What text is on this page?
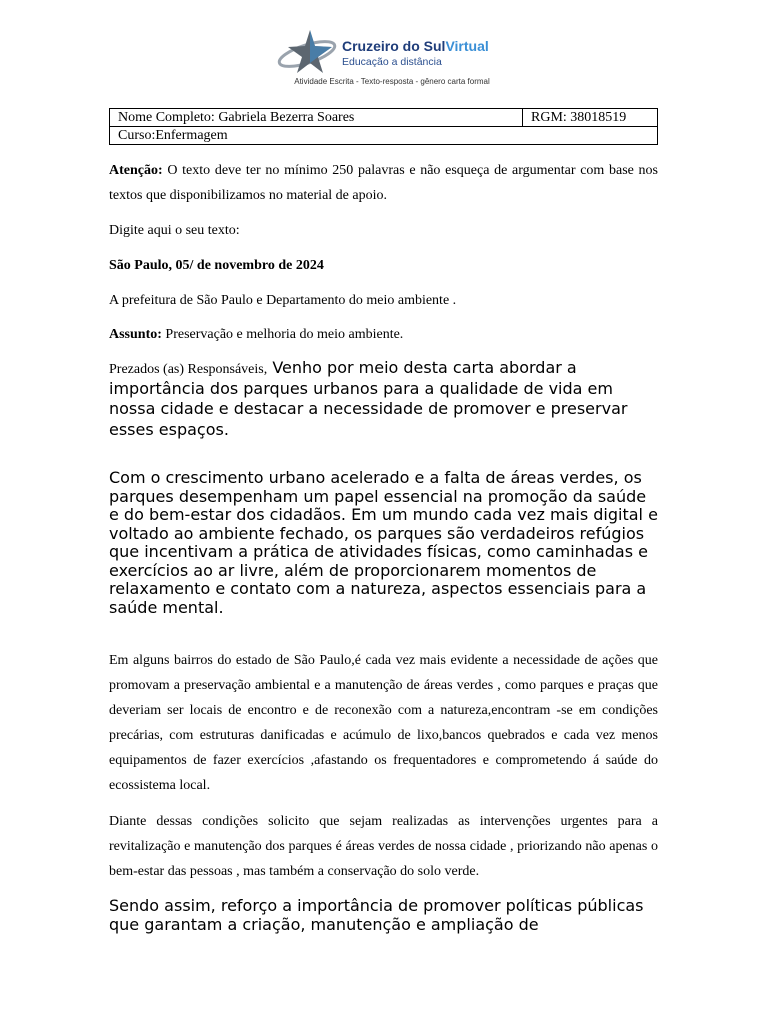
Cruzeiro do SulVirtual
Educação a distância
Atividade Escrita - Texto-resposta - gênero carta formal
Nome Completo: Gabriela Bezerra Soares	RGM: 38018519
Curso:Enfermagem
Atenção: O texto deve ter no mínimo 250 palavras e não esqueça de argumentar com base nos textos que disponibilizamos no material de apoio.
Digite aqui o seu texto:
São Paulo, 05/ de novembro de 2024
A prefeitura de São Paulo e Departamento do meio ambiente .
Assunto: Preservação e melhoria do meio ambiente.
Prezados (as) Responsáveis, Venho por meio desta carta abordar a importância dos parques urbanos para a qualidade de vida em nossa cidade e destacar a necessidade de promover e preservar esses espaços.
Com o crescimento urbano acelerado e a falta de áreas verdes, os parques desempenham um papel essencial na promoção da saúde e do bem-estar dos cidadãos. Em um mundo cada vez mais digital e voltado ao ambiente fechado, os parques são verdadeiros refúgios que incentivam a prática de atividades físicas, como caminhadas e exercícios ao ar livre, além de proporcionarem momentos de relaxamento e contato com a natureza, aspectos essenciais para a saúde mental.
Em alguns bairros do estado de São Paulo,é cada vez mais evidente a necessidade de ações que promovam a preservação ambiental e a manutenção de áreas verdes , como parques e praças que deveriam ser locais de encontro e de reconexão com a natureza,encontram -se em condições precárias, com estruturas danificadas e acúmulo de lixo,bancos quebrados e cada vez menos equipamentos de fazer exercícios ,afastando os frequentadores e comprometendo á saúde do ecossistema local.
Diante dessas condições solicito que sejam realizadas as intervenções urgentes para a revitalização e manutenção dos parques é áreas verdes de nossa cidade , priorizando não apenas o bem-estar das pessoas , mas também a conservação do solo verde.
Sendo assim, reforço a importância de promover políticas públicas que garantam a criação, manutenção e ampliação de
